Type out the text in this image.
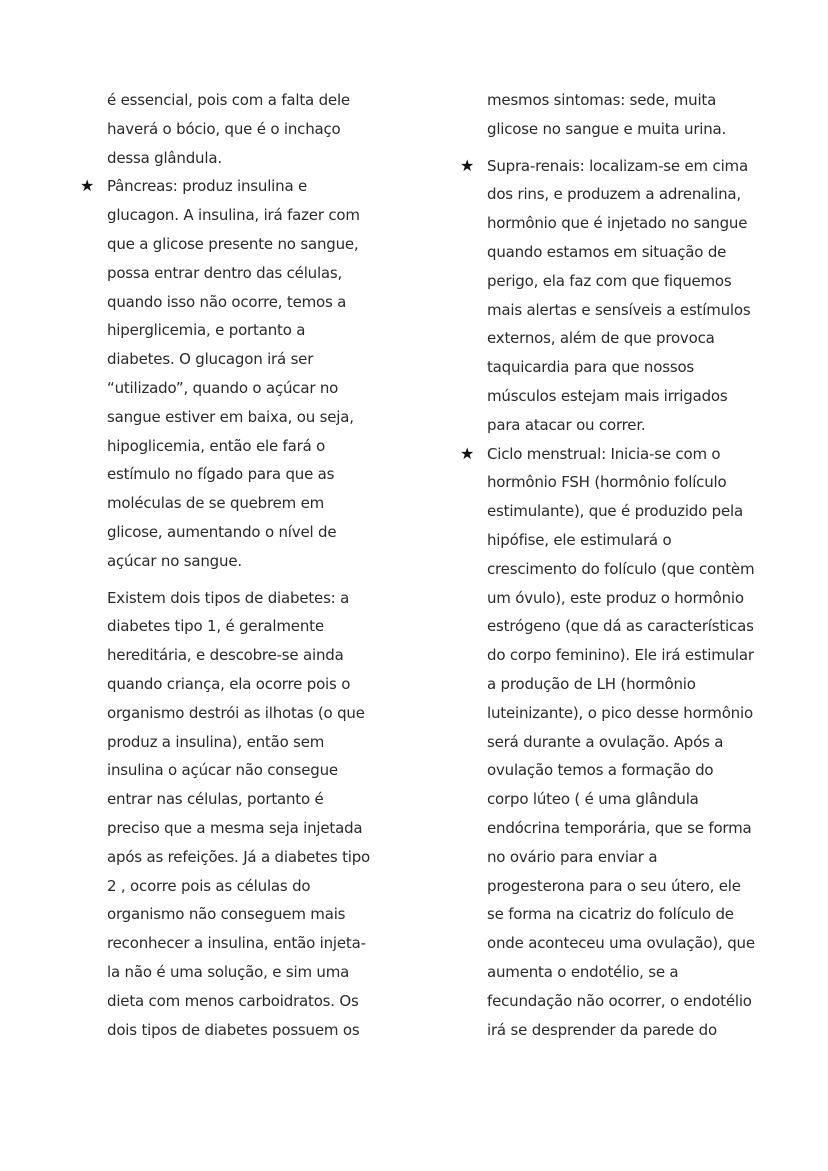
é essencial, pois com a falta dele
haverá o bócio, que é o inchaço
dessa glândula.
★ Pâncreas: produz insulina e
glucagon. A insulina, irá fazer com
que a glicose presente no sangue,
possa entrar dentro das células,
quando isso não ocorre, temos a
hiperglicemia, e portanto a
diabetes. O glucagon irá ser
“utilizado”, quando o açúcar no
sangue estiver em baixa, ou seja,
hipoglicemia, então ele fará o
estímulo no fígado para que as
moléculas de se quebrem em
glicose, aumentando o nível de
açúcar no sangue.
Existem dois tipos de diabetes: a
diabetes tipo 1, é geralmente
hereditária, e descobre-se ainda
quando criança, ela ocorre pois o
organismo destrói as ilhotas (o que
produz a insulina), então sem
insulina o açúcar não consegue
entrar nas células, portanto é
preciso que a mesma seja injetada
após as refeições. Já a diabetes tipo
2 , ocorre pois as células do
organismo não conseguem mais
reconhecer a insulina, então injeta-
la não é uma solução, e sim uma
dieta com menos carboidratos. Os
dois tipos de diabetes possuem os
mesmos sintomas: sede, muita
glicose no sangue e muita urina.
★ Supra-renais: localizam-se em cima
dos rins, e produzem a adrenalina,
hormônio que é injetado no sangue
quando estamos em situação de
perigo, ela faz com que fiquemos
mais alertas e sensíveis a estímulos
externos, além de que provoca
taquicardia para que nossos
músculos estejam mais irrigados
para atacar ou correr.
★ Ciclo menstrual: Inicia-se com o
hormônio FSH (hormônio folículo
estimulante), que é produzido pela
hipófise, ele estimulará o
crescimento do folículo (que contèm
um óvulo), este produz o hormônio
estrógeno (que dá as características
do corpo feminino). Ele irá estimular
a produção de LH (hormônio
luteinizante), o pico desse hormônio
será durante a ovulação. Após a
ovulação temos a formação do
corpo lúteo ( é uma glândula
endócrina temporária, que se forma
no ovário para enviar a
progesterona para o seu útero, ele
se forma na cicatriz do folículo de
onde aconteceu uma ovulação), que
aumenta o endotélio, se a
fecundação não ocorrer, o endotélio
irá se desprender da parede do
